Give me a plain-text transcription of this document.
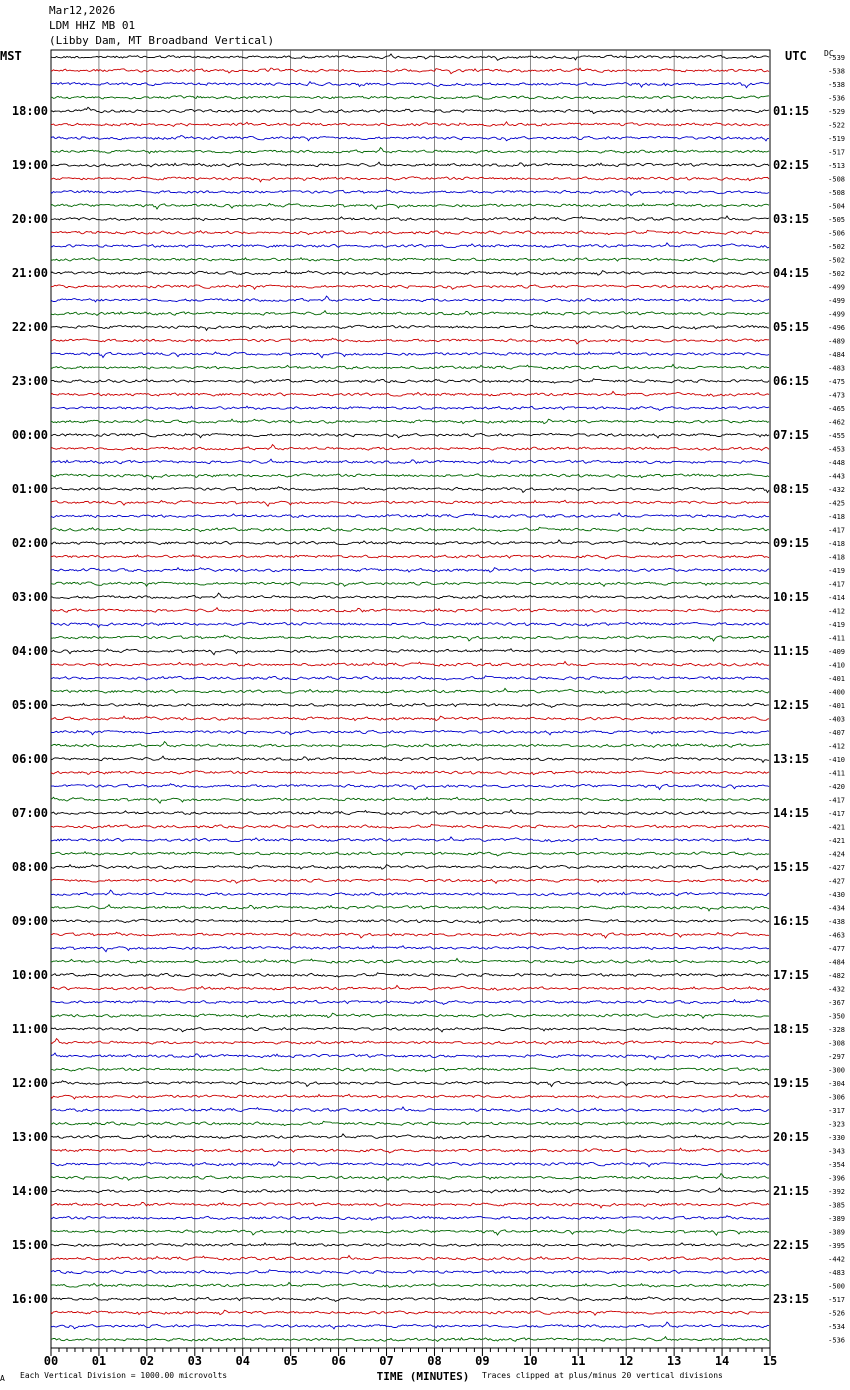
Mar12,2026
LDM HHZ MB 01
(Libby Dam, MT Broadband Vertical)
MST	UTC DC
00	01	02	03	04	05	06	07	08	09	10	11	12	13	14	15
-539
-538
-538
-536
-529
-522
-519
-517
-513
-508
-508
-504
-505
-506
-502
-502
-502
-499
-499
-499
-496
-489
-484
-483
-475
-473
-465
-462
-455
-453
-448
-443
-432
-425
-418
-417
-418
-418
-419
-417
-414
-412
-419
-411
-409
-410
-401
-400
-401
-403
-407
-412
-410
-411
-420
-417
-417
-421
-421
-424
-427
-427
-430
-434
-438
-463
-477
-484
-482
-432
-367
-350
-328
-308
-297
-300
-304
-306
-317
-323
-330
-343
-354
-396
-392
-385
-389
-389
-395
-442
-483
-500
-517
-526
-534
-536
18:00
19:00
20:00
21:00
22:00
23:00
00:00
01:00
02:00
03:00
04:00
05:00
06:00
07:00
08:00
09:00
10:00
11:00
12:00
13:00
14:00
15:00
16:00
01:15
02:15
03:15
04:15
05:15
06:15
07:15
08:15
09:15
10:15
11:15
12:15
13:15
14:15
15:15
16:15
17:15
18:15
19:15
20:15
21:15
22:15
23:15
TIME (MINUTES)
A Each Vertical Division = 1000.00 microvolts	Traces clipped at plus/minus 20 vertical divisions
